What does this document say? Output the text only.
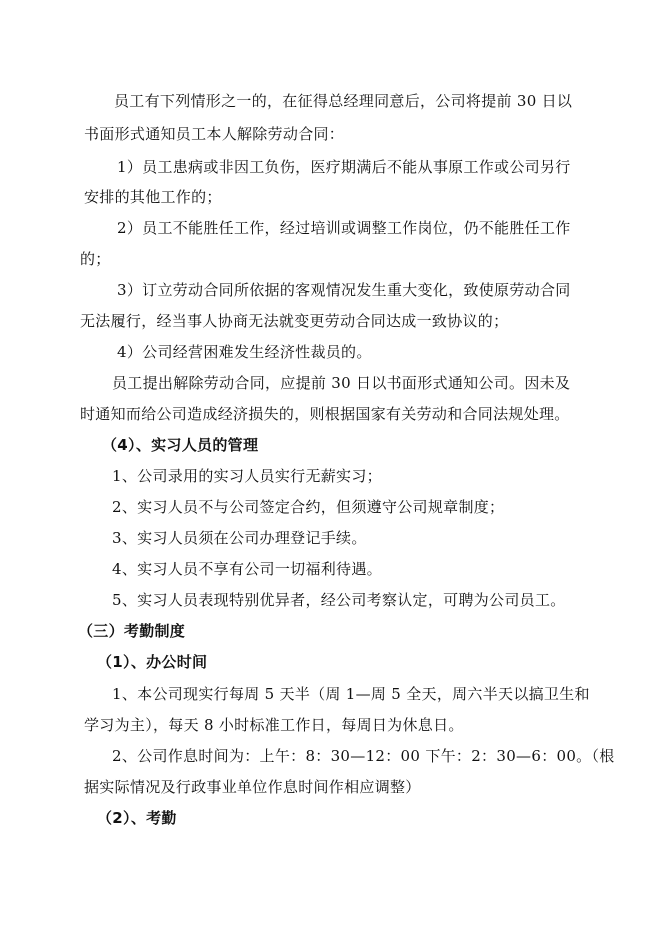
员工有下列情形之一的，在征得总经理同意后，公司将提前 30 日以
书面形式通知员工本人解除劳动合同：
1）员工患病或非因工负伤，医疗期满后不能从事原工作或公司另行
安排的其他工作的；
2）员工不能胜任工作，经过培训或调整工作岗位，仍不能胜任工作
的；
3）订立劳动合同所依据的客观情况发生重大变化，致使原劳动合同
无法履行，经当事人协商无法就变更劳动合同达成一致协议的；
4）公司经营困难发生经济性裁员的。
员工提出解除劳动合同，应提前 30 日以书面形式通知公司。因未及
时通知而给公司造成经济损失的，则根据国家有关劳动和合同法规处理。
（4）、实习人员的管理
1、公司录用的实习人员实行无薪实习；
2、实习人员不与公司签定合约，但须遵守公司规章制度；
3、实习人员须在公司办理登记手续。
4、实习人员不享有公司一切福利待遇。
5、实习人员表现特别优异者，经公司考察认定，可聘为公司员工。
（三）考勤制度
（1）、办公时间
1、本公司现实行每周 5 天半（周 1—周 5 全天，周六半天以搞卫生和
学习为主），每天 8 小时标准工作日，每周日为休息日。
2、公司作息时间为：上午：8：30—12：00 下午：2：30—6：00。（根
据实际情况及行政事业单位作息时间作相应调整）
（2）、考勤
